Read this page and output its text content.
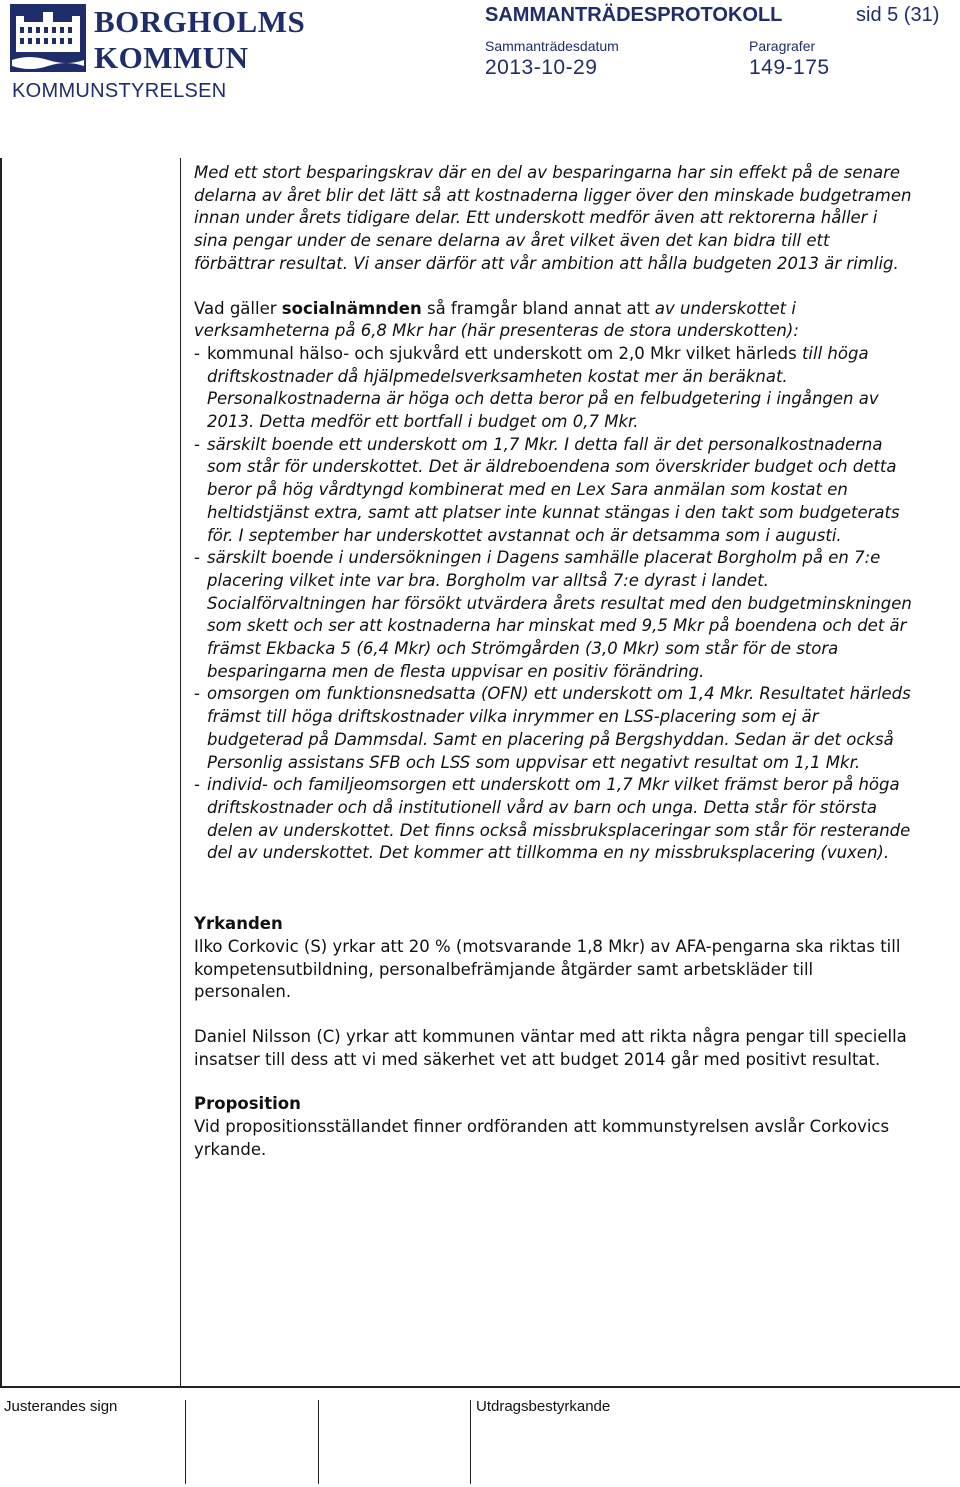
BORGHOLMS
KOMMUN
KOMMUNSTYRELSEN
SAMMANTRÄDESPROTOKOLL	sid 5 (31)
Sammanträdesdatum
2013-10-29
Paragrafer
149-175

Med ett stort besparingskrav där en del av besparingarna har sin effekt på de senare delarna av året blir det lätt så att kostnaderna ligger över den minskade budgetramen innan under årets tidigare delar. Ett underskott medför även att rektorerna håller i sina pengar under de senare delarna av året vilket även det kan bidra till ett förbättrar resultat. Vi anser därför att vår ambition att hålla budgeten 2013 är rimlig.

Vad gäller socialnämnden så framgår bland annat att av underskottet i verksamheterna på 6,8 Mkr har (här presenteras de stora underskotten):

- kommunal hälso- och sjukvård ett underskott om 2,0 Mkr vilket härleds till höga driftskostnader då hjälpmedelsverksamheten kostat mer än beräknat. Personalkostnaderna är höga och detta beror på en felbudgetering i ingången av 2013. Detta medför ett bortfall i budget om 0,7 Mkr.
- särskilt boende ett underskott om 1,7 Mkr. I detta fall är det personalkostnaderna som står för underskottet. Det är äldreboendena som överskrider budget och detta beror på hög vårdtyngd kombinerat med en Lex Sara anmälan som kostat en heltidstjänst extra, samt att platser inte kunnat stängas i den takt som budgeterats för. I september har underskottet avstannat och är detsamma som i augusti.
- särskilt boende i undersökningen i Dagens samhälle placerat Borgholm på en 7:e placering vilket inte var bra. Borgholm var alltså 7:e dyrast i landet. Socialförvaltningen har försökt utvärdera årets resultat med den budgetminskningen som skett och ser att kostnaderna har minskat med 9,5 Mkr på boendena och det är främst Ekbacka 5 (6,4 Mkr) och Strömgården (3,0 Mkr) som står för de stora besparingarna men de flesta uppvisar en positiv förändring.
- omsorgen om funktionsnedsatta (OFN) ett underskott om 1,4 Mkr. Resultatet härleds främst till höga driftskostnader vilka inrymmer en LSS-placering som ej är budgeterad på Dammsdal. Samt en placering på Bergshyddan. Sedan är det också Personlig assistans SFB och LSS som uppvisar ett negativt resultat om 1,1 Mkr.
- individ- och familjeomsorgen ett underskott om 1,7 Mkr vilket främst beror på höga driftskostnader och då institutionell vård av barn och unga. Detta står för största delen av underskottet. Det finns också missbruksplaceringar som står för resterande del av underskottet. Det kommer att tillkomma en ny missbruksplacering (vuxen).

Yrkanden

Ilko Corkovic (S) yrkar att 20 % (motsvarande 1,8 Mkr) av AFA-pengarna ska riktas till kompetensutbildning, personalbefrämjande åtgärder samt arbetskläder till personalen.

Daniel Nilsson (C) yrkar att kommunen väntar med att rikta några pengar till speciella insatser till dess att vi med säkerhet vet att budget 2014 går med positivt resultat.

Proposition

Vid propositionsställandet finner ordföranden att kommunstyrelsen avslår Corkovics yrkande.

Justerandes sign	Utdragsbestyrkande
